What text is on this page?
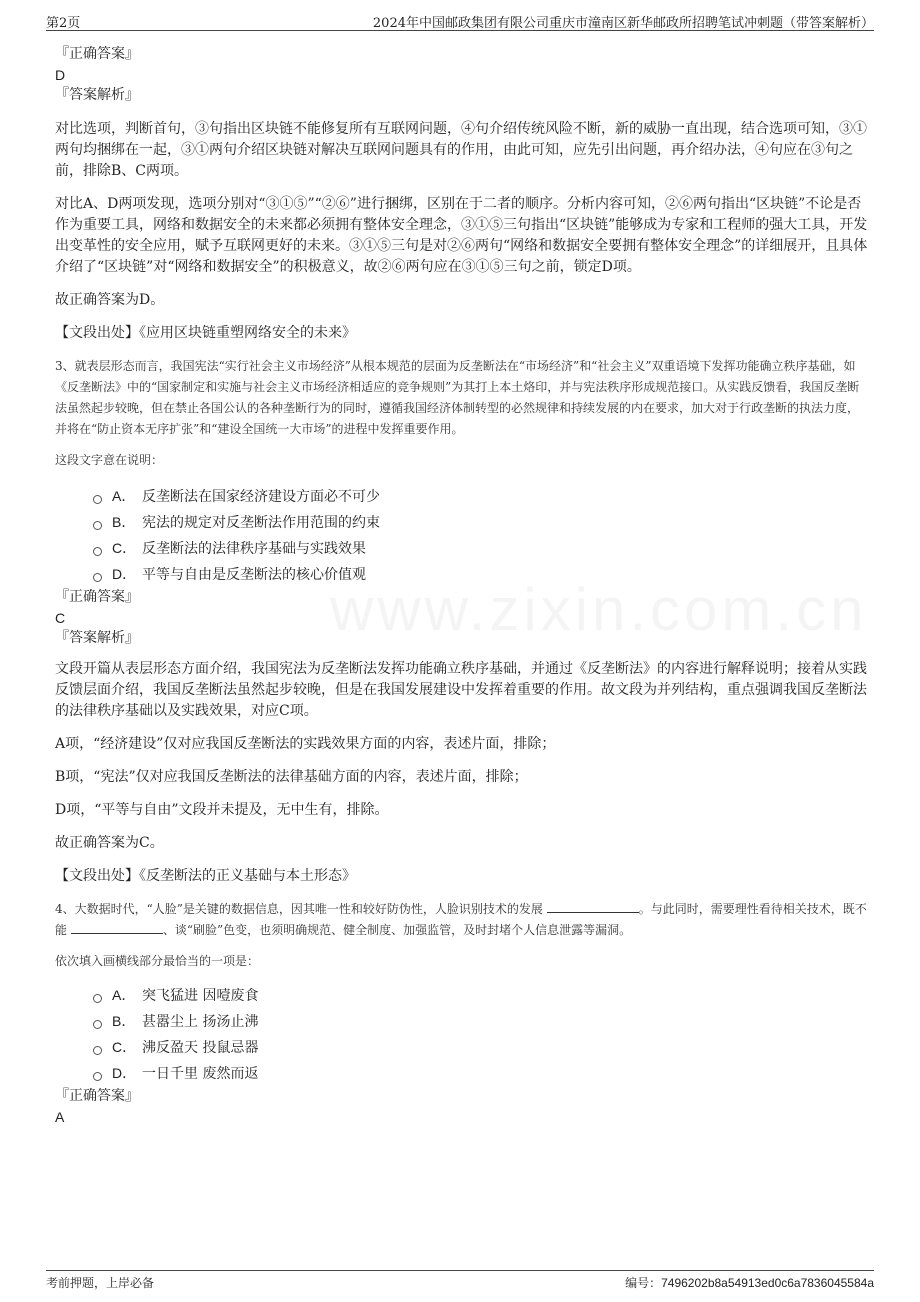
第2页	2024年中国邮政集团有限公司重庆市潼南区新华邮政所招聘笔试冲刺题（带答案解析）
『正确答案』
D
『答案解析』

对比选项，判断首句，③句指出区块链不能修复所有互联网问题，④句介绍传统风险不断，新的威胁一直出现，结合选项可知，③①两句均捆绑在一起，③①两句介绍区块链对解决互联网问题具有的作用，由此可知，应先引出问题，再介绍办法，④句应在③句之前，排除B、C两项。

对比A、D两项发现，选项分别对“③①⑤”“②⑥”进行捆绑，区别在于二者的顺序。分析内容可知，②⑥两句指出“区块链”不论是否作为重要工具，网络和数据安全的未来都必须拥有整体安全理念，③①⑤三句指出“区块链”能够成为专家和工程师的强大工具，开发出变革性的安全应用，赋予互联网更好的未来。③①⑤三句是对②⑥两句“网络和数据安全要拥有整体安全理念”的详细展开，且具体介绍了“区块链”对“网络和数据安全”的积极意义，故②⑥两句应在③①⑤三句之前，锁定D项。

故正确答案为D。

【文段出处】《应用区块链重塑网络安全的未来》

3、就表层形态而言，我国宪法“实行社会主义市场经济”从根本规范的层面为反垄断法在“市场经济”和“社会主义”双重语境下发挥功能确立秩序基础，如《反垄断法》中的“国家制定和实施与社会主义市场经济相适应的竞争规则”为其打上本土烙印，并与宪法秩序形成规范接口。从实践反馈看，我国反垄断法虽然起步较晚，但在禁止各国公认的各种垄断行为的同时，遵循我国经济体制转型的必然规律和持续发展的内在要求，加大对于行政垄断的执法力度，并将在“防止资本无序扩张”和“建设全国统一大市场”的进程中发挥重要作用。

这段文字意在说明：

A． 反垄断法在国家经济建设方面必不可少
B． 宪法的规定对反垄断法作用范围的约束
C． 反垄断法的法律秩序基础与实践效果
D． 平等与自由是反垄断法的核心价值观
『正确答案』
C
『答案解析』

文段开篇从表层形态方面介绍，我国宪法为反垄断法发挥功能确立秩序基础，并通过《反垄断法》的内容进行解释说明；接着从实践反馈层面介绍，我国反垄断法虽然起步较晚，但是在我国发展建设中发挥着重要的作用。故文段为并列结构，重点强调我国反垄断法的法律秩序基础以及实践效果，对应C项。

A项，“经济建设”仅对应我国反垄断法的实践效果方面的内容，表述片面，排除；

B项，“宪法”仅对应我国反垄断法的法律基础方面的内容，表述片面，排除；

D项，“平等与自由”文段并未提及，无中生有，排除。

故正确答案为C。

【文段出处】《反垄断法的正义基础与本土形态》

4、大数据时代，“人脸”是关键的数据信息，因其唯一性和较好防伪性，人脸识别技术的发展	。与此同时，需要理性看待相关技术，既不能	、谈“刷脸”色变，也须明确规范、健全制度、加强监管，及时封堵个人信息泄露等漏洞。

依次填入画横线部分最恰当的一项是：

A． 突飞猛进 因噎废食
B． 甚嚣尘上 扬汤止沸
C． 沸反盈天 投鼠忌器
D． 一日千里 废然而返
『正确答案』
A
考前押题，上岸必备	编号：7496202b8a54913ed0c6a7836045584a
